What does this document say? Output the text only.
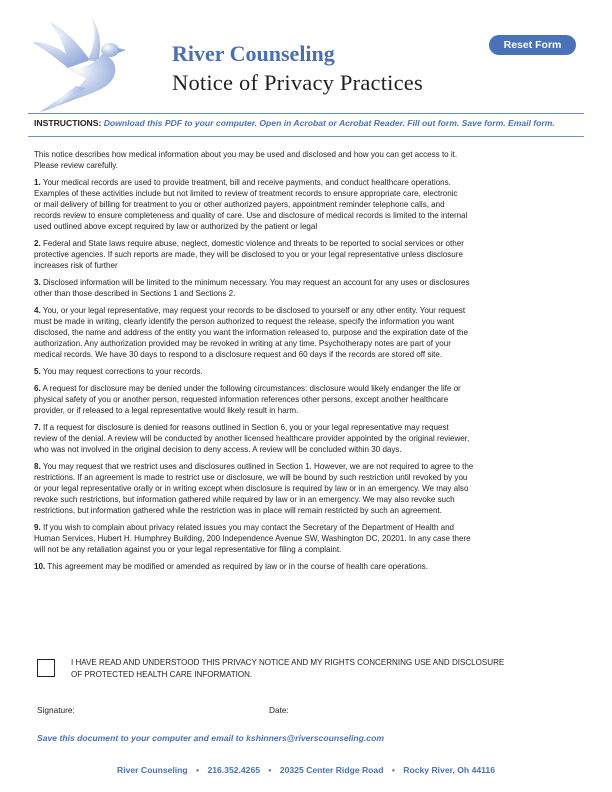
River Counseling
Notice of Privacy Practices
Reset Form
INSTRUCTIONS: Download this PDF to your computer. Open in Acrobat or Acrobat Reader. Fill out form. Save form. Email form.

This notice describes how medical information about you may be used and disclosed and how you can get access to it.
Please review carefully.

1. Your medical records are used to provide treatment, bill and receive payments, and conduct healthcare operations.
Examples of these activities include but not limited to review of treatment records to ensure appropriate care, electronic
or mail delivery of billing for treatment to you or other authorized payers, appointment reminder telephone calls, and
records review to ensure completeness and quality of care. Use and disclosure of medical records is limited to the internal
used outlined above except required by law or authorized by the patient or legal

2. Federal and State laws require abuse, neglect, domestic violence and threats to be reported to social services or other
protective agencies. If such reports are made, they will be disclosed to you or your legal representative unless disclosure
increases risk of further

3. Disclosed information will be limited to the minimum necessary. You may request an account for any uses or disclosures
other than those described in Sections 1 and Sections 2.

4. You, or your legal representative, may request your records to be disclosed to yourself or any other entity. Your request
must be made in writing, clearly identify the person authorized to request the release, specify the information you want
disclosed, the name and address of the entity you want the information released to, purpose and the expiration date of the
authorization. Any authorization provided may be revoked in writing at any time. Psychotherapy notes are part of your
medical records. We have 30 days to respond to a disclosure request and 60 days if the records are stored off site.

5. You may request corrections to your records.

6. A request for disclosure may be denied under the following circumstances: disclosure would likely endanger the life or
physical safety of you or another person, requested information references other persons, except another healthcare
provider, or if released to a legal representative would likely result in harm.

7. If a request for disclosure is denied for reasons outlined in Section 6, you or your legal representative may request
review of the denial. A review will be conducted by another licensed healthcare provider appointed by the original reviewer,
who was not involved in the original decision to deny access. A review will be concluded within 30 days.

8. You may request that we restrict uses and disclosures outlined in Section 1. However, we are not required to agree to the
restrictions. If an agreement is made to restrict use or disclosure, we will be bound by such restriction until revoked by you
or your legal representative orally or in writing except when disclosure is required by law or in an emergency. We may also
revoke such restrictions, but information gathered while required by law or in an emergency. We may also revoke such
restrictions, but information gathered while the restriction was in place will remain restricted by such an agreement.

9. If you wish to complain about privacy related issues you may contact the Secretary of the Department of Health and
Human Services, Hubert H. Humphrey Building, 200 Independence Avenue SW, Washington DC, 20201. In any case there
will not be any retaliation against you or your legal representative for filing a complaint.

10. This agreement may be modified or amended as required by law or in the course of health care operations.

I HAVE READ AND UNDERSTOOD THIS PRIVACY NOTICE AND MY RIGHTS CONCERNING USE AND DISCLOSURE
OF PROTECTED HEALTH CARE INFORMATION.
Signature:	Date:
Save this document to your computer and email to kshinners@riverscounseling.com
River Counseling • 216.352.4265 • 20325 Center Ridge Road • Rocky River, Oh 44116
